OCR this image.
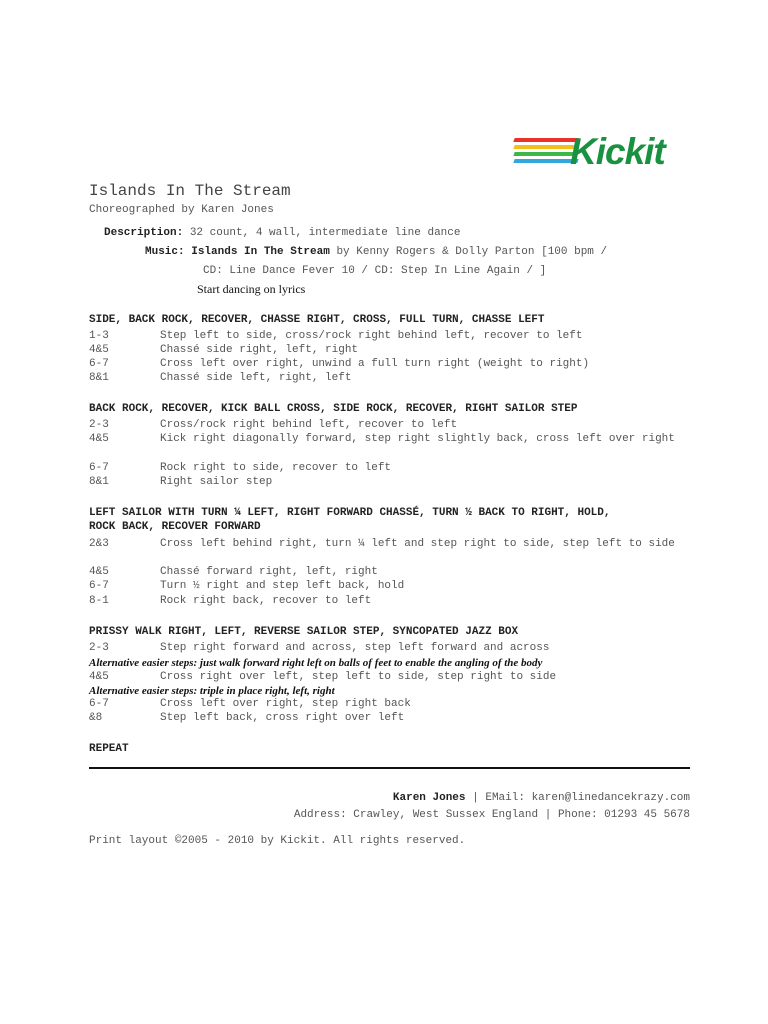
Kickit
Islands In The Stream
Choreographed by Karen Jones
Description: 32 count, 4 wall, intermediate line dance
Music: Islands In The Stream by Kenny Rogers & Dolly Parton [100 bpm /
CD: Line Dance Fever 10 / CD: Step In Line Again / ]
Start dancing on lyrics
SIDE, BACK ROCK, RECOVER, CHASSE RIGHT, CROSS, FULL TURN, CHASSE LEFT
1-3	Step left to side, cross/rock right behind left, recover to left
4&5	Chassé side right, left, right
6-7	Cross left over right, unwind a full turn right (weight to right)
8&1	Chassé side left, right, left
BACK ROCK, RECOVER, KICK BALL CROSS, SIDE ROCK, RECOVER, RIGHT SAILOR STEP
2-3	Cross/rock right behind left, recover to left
4&5	Kick right diagonally forward, step right slightly back, cross left over right
6-7	Rock right to side, recover to left
8&1	Right sailor step
LEFT SAILOR WITH TURN ¼ LEFT, RIGHT FORWARD CHASSÉ, TURN ½ BACK TO RIGHT, HOLD,
ROCK BACK, RECOVER FORWARD
2&3	Cross left behind right, turn ¼ left and step right to side, step left to side
4&5	Chassé forward right, left, right
6-7	Turn ½ right and step left back, hold
8-1	Rock right back, recover to left
PRISSY WALK RIGHT, LEFT, REVERSE SAILOR STEP, SYNCOPATED JAZZ BOX
2-3	Step right forward and across, step left forward and across
Alternative easier steps: just walk forward right left on balls of feet to enable the angling of the body
4&5	Cross right over left, step left to side, step right to side
Alternative easier steps: triple in place right, left, right
6-7	Cross left over right, step right back
&8	Step left back, cross right over left
REPEAT
Karen Jones | EMail: karen@linedancekrazy.com
Address: Crawley, West Sussex England | Phone: 01293 45 5678
Print layout ©2005 - 2010 by Kickit. All rights reserved.
